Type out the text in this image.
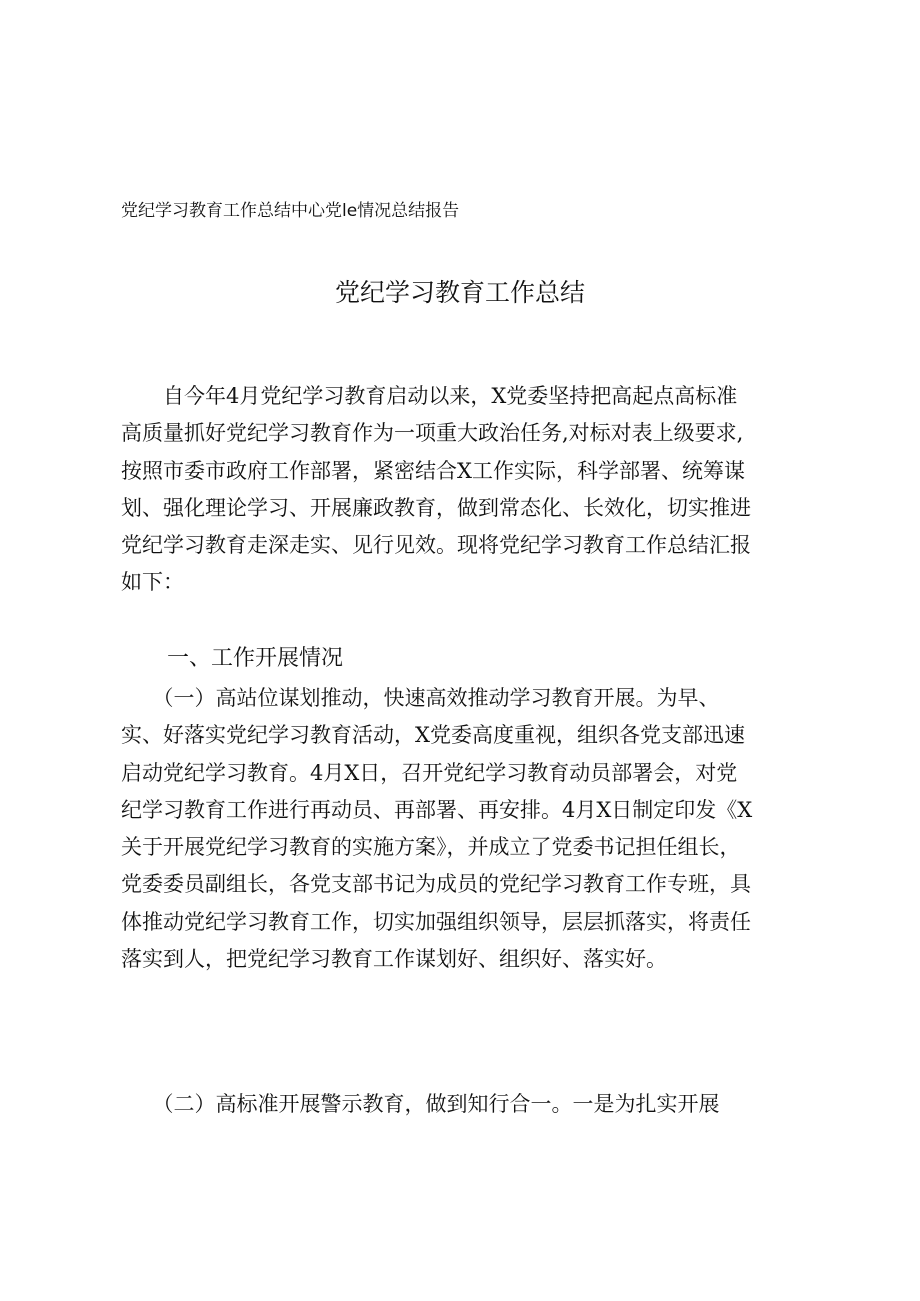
党纪学习教育工作总结中心党le情况总结报告
党纪学习教育工作总结
　　自今年4月党纪学习教育启动以来，X党委坚持把高起点高标准
高质量抓好党纪学习教育作为一项重大政治任务,对标对表上级要求,
按照市委市政府工作部署，紧密结合X工作实际，科学部署、统筹谋
划、强化理论学习、开展廉政教育，做到常态化、长效化，切实推进
党纪学习教育走深走实、见行见效。现将党纪学习教育工作总结汇报
如下：
一、工作开展情况
　　（一）高站位谋划推动，快速高效推动学习教育开展。为早、
实、好落实党纪学习教育活动，X党委高度重视，组织各党支部迅速
启动党纪学习教育。4月X日，召开党纪学习教育动员部署会，对党
纪学习教育工作进行再动员、再部署、再安排。4月X日制定印发《X
关于开展党纪学习教育的实施方案》，并成立了党委书记担任组长，
党委委员副组长，各党支部书记为成员的党纪学习教育工作专班，具
体推动党纪学习教育工作，切实加强组织领导，层层抓落实，将责任
落实到人，把党纪学习教育工作谋划好、组织好、落实好。
　　（二）高标准开展警示教育，做到知行合一。一是为扎实开展
